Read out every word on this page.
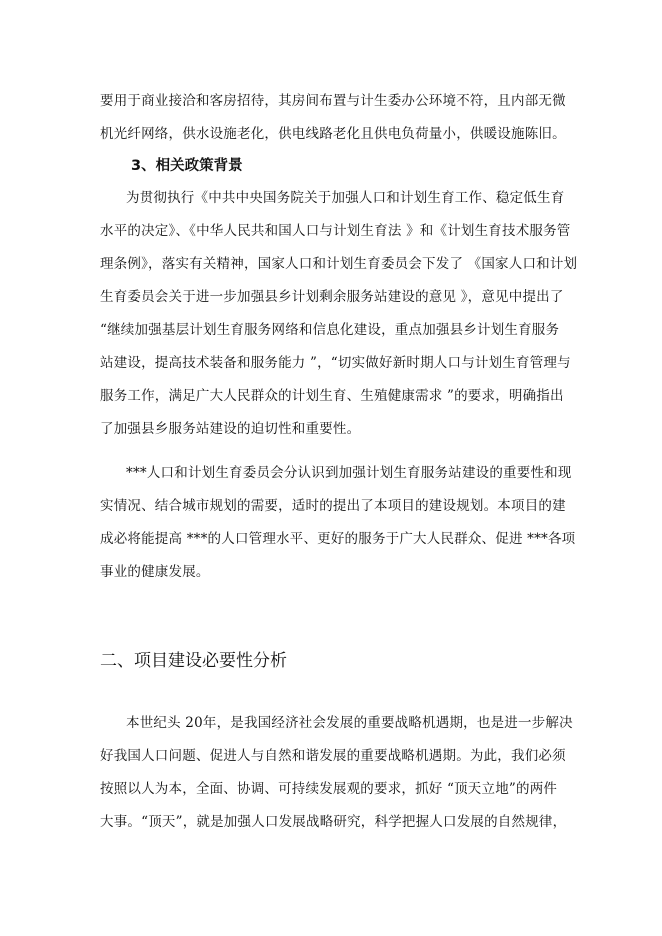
要用于商业接洽和客房招待，其房间布置与计生委办公环境不符，且内部无微
机光纤网络，供水设施老化，供电线路老化且供电负荷量小，供暖设施陈旧。
3、相关政策背景
为贯彻执行《中共中央国务院关于加强人口和计划生育工作、稳定低生育
水平的决定》、《中华人民共和国人口与计划生育法 》和《计划生育技术服务管
理条例》，落实有关精神，国家人口和计划生育委员会下发了 《国家人口和计划
生育委员会关于进一步加强县乡计划剩余服务站建设的意见 》，意见中提出了
“继续加强基层计划生育服务网络和信息化建设，重点加强县乡计划生育服务
站建设，提高技术装备和服务能力 ”，“切实做好新时期人口与计划生育管理与
服务工作，满足广大人民群众的计划生育、生殖健康需求 ”的要求，明确指出
了加强县乡服务站建设的迫切性和重要性。
***人口和计划生育委员会分认识到加强计划生育服务站建设的重要性和现
实情况、结合城市规划的需要，适时的提出了本项目的建设规划。本项目的建
成必将能提高 ***的人口管理水平、更好的服务于广大人民群众、促进 ***各项
事业的健康发展。
二、项目建设必要性分析
本世纪头 20年，是我国经济社会发展的重要战略机遇期，也是进一步解决
好我国人口问题、促进人与自然和谐发展的重要战略机遇期。为此，我们必须
按照以人为本，全面、协调、可持续发展观的要求，抓好 “顶天立地”的两件
大事。“顶天”，就是加强人口发展战略研究，科学把握人口发展的自然规律，
